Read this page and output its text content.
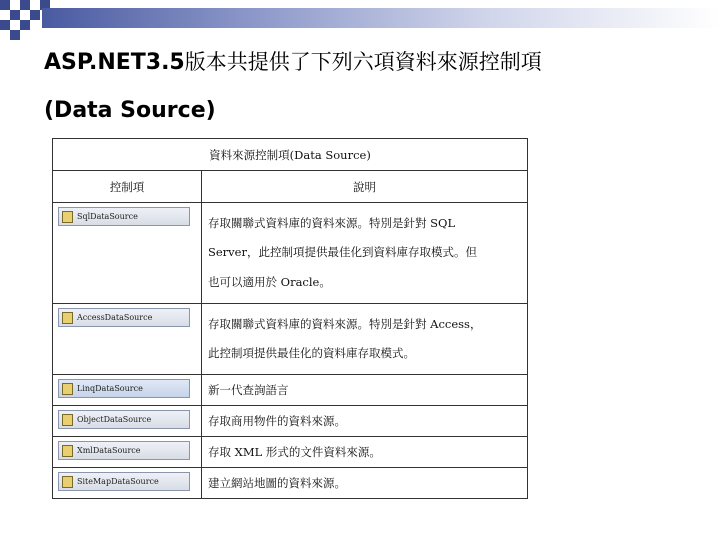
ASP.NET3.5版本共提供了下列六項資料來源控制項
(Data Source)
資料來源控制項(Data Source)	
控制項	說明

SqlDataSource	存取關聯式資料庫的資料來源。特別是針對 SQL
Server，此控制項提供最佳化到資料庫存取模式。但
也可以適用於 Oracle。

AccessDataSource	存取關聯式資料庫的資料來源。特別是針對 Access，
此控制項提供最佳化的資料庫存取模式。

LinqDataSource	新一代查詢語言

ObjectDataSource	存取商用物件的資料來源。

XmlDataSource	存取 XML 形式的文件資料來源。

SiteMapDataSource	建立網站地圖的資料來源。
